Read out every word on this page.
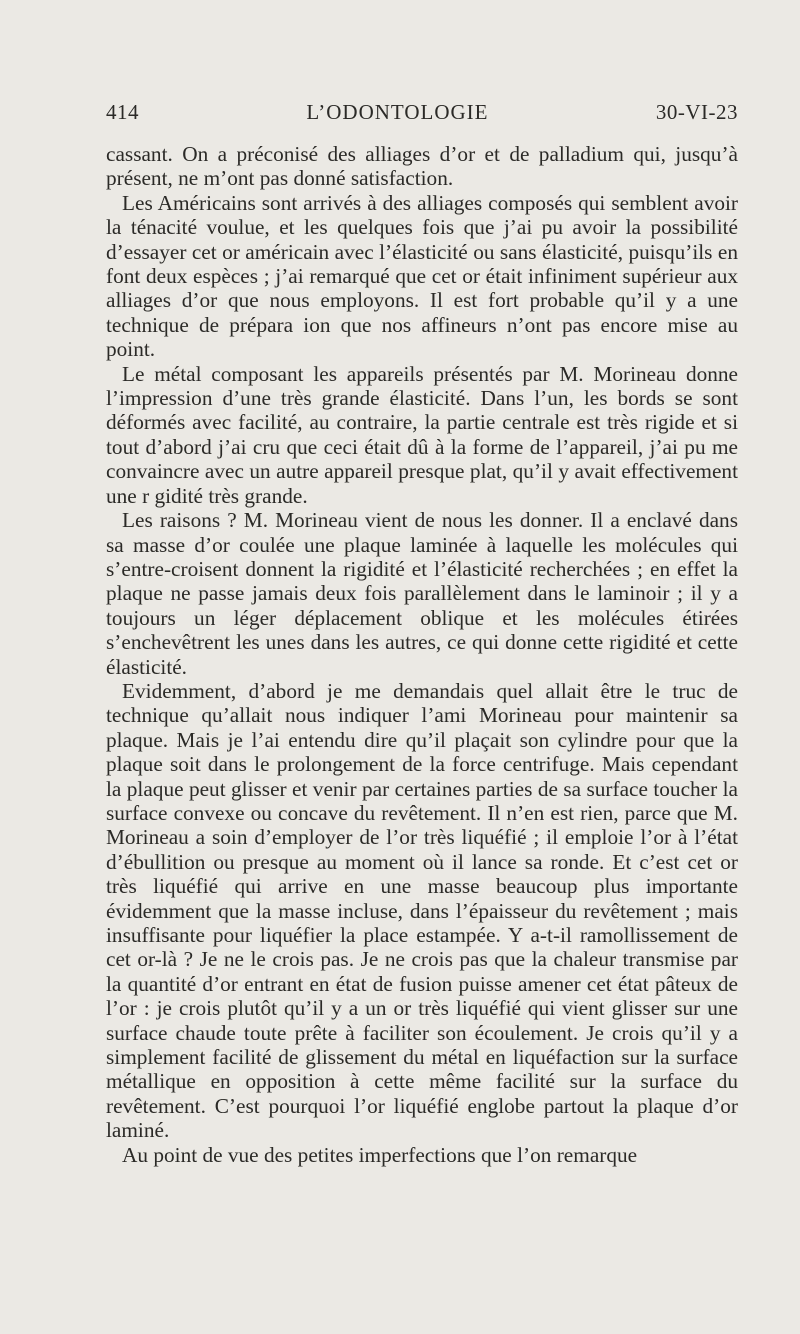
414	L’ODONTOLOGIE	30-VI-23

cassant. On a préconisé des alliages d’or et de palladium qui, jusqu’à présent, ne m’ont pas donné satisfaction.

Les Américains sont arrivés à des alliages composés qui semblent avoir la ténacité voulue, et les quelques fois que j’ai pu avoir la possibilité d’essayer cet or américain avec l’élasticité ou sans élasticité, puisqu’ils en font deux espèces ; j’ai remarqué que cet or était infiniment supérieur aux alliages d’or que nous employons. Il est fort probable qu’il y a une technique de prépara ion que nos affineurs n’ont pas encore mise au point.

Le métal composant les appareils présentés par M. Morineau donne l’impression d’une très grande élasticité. Dans l’un, les bords se sont déformés avec facilité, au contraire, la partie centrale est très rigide et si tout d’abord j’ai cru que ceci était dû à la forme de l’appareil, j’ai pu me convaincre avec un autre appareil presque plat, qu’il y avait effectivement une r gidité très grande.

Les raisons ? M. Morineau vient de nous les donner. Il a enclavé dans sa masse d’or coulée une plaque laminée à laquelle les molécules qui s’entre-croisent donnent la rigidité et l’élasticité recherchées ; en effet la plaque ne passe jamais deux fois parallèlement dans le laminoir ; il y a toujours un léger déplacement oblique et les molécules étirées s’enchevêtrent les unes dans les autres, ce qui donne cette rigidité et cette élasticité.

Evidemment, d’abord je me demandais quel allait être le truc de technique qu’allait nous indiquer l’ami Morineau pour maintenir sa plaque. Mais je l’ai entendu dire qu’il plaçait son cylindre pour que la plaque soit dans le prolongement de la force centrifuge. Mais cependant la plaque peut glisser et venir par certaines parties de sa surface toucher la surface convexe ou concave du revêtement. Il n’en est rien, parce que M. Morineau a soin d’employer de l’or très liquéfié ; il emploie l’or à l’état d’ébullition ou presque au moment où il lance sa ronde. Et c’est cet or très liquéfié qui arrive en une masse beaucoup plus importante évidemment que la masse incluse, dans l’épaisseur du revêtement ; mais insuffisante pour liquéfier la place estampée. Y a-t-il ramollissement de cet or-là ? Je ne le crois pas. Je ne crois pas que la chaleur transmise par la quantité d’or entrant en état de fusion puisse amener cet état pâteux de l’or : je crois plutôt qu’il y a un or très liquéfié qui vient glisser sur une surface chaude toute prête à faciliter son écoulement. Je crois qu’il y a simplement facilité de glissement du métal en liquéfaction sur la surface métallique en opposition à cette même facilité sur la surface du revêtement. C’est pourquoi l’or liquéfié englobe partout la plaque d’or laminé.

Au point de vue des petites imperfections que l’on remarque
